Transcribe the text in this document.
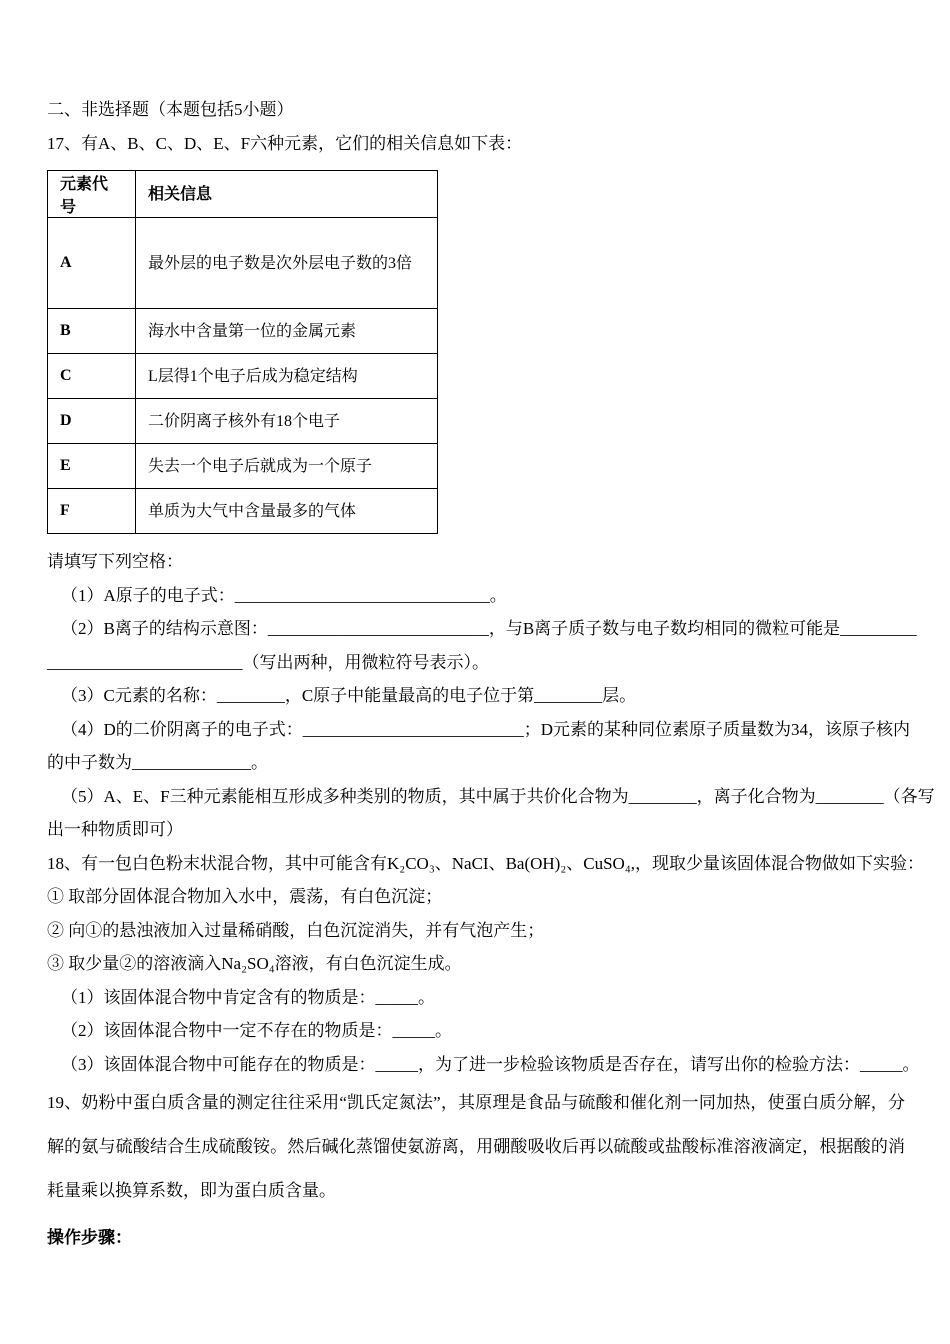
二、非选择题（本题包括5小题）
17、有A、B、C、D、E、F六种元素，它们的相关信息如下表：
元素代号	相关信息
A	最外层的电子数是次外层电子数的3倍
B	海水中含量第一位的金属元素
C	L层得1个电子后成为稳定结构
D	二价阴离子核外有18个电子
E	失去一个电子后就成为一个原子
F	单质为大气中含量最多的气体
请填写下列空格：
（1）A原子的电子式：______________________________。
（2）B离子的结构示意图：__________________________，与B离子质子数与电子数均相同的微粒可能是_________
_______________________（写出两种，用微粒符号表示）。
（3）C元素的名称：________，C原子中能量最高的电子位于第________层。
（4）D的二价阴离子的电子式：__________________________；D元素的某种同位素原子质量数为34，该原子核内
的中子数为______________。
（5）A、E、F三种元素能相互形成多种类别的物质，其中属于共价化合物为________，离子化合物为________（各写
出一种物质即可）
18、有一包白色粉末状混合物，其中可能含有K₂CO₃、NaCI、Ba(OH)₂、CuSO₄,，现取少量该固体混合物做如下实验：
① 取部分固体混合物加入水中，震荡，有白色沉淀；
② 向①的悬浊液加入过量稀硝酸，白色沉淀消失，并有气泡产生；
③ 取少量②的溶液滴入Na₂SO₄溶液，有白色沉淀生成。
（1）该固体混合物中肯定含有的物质是：_____。
（2）该固体混合物中一定不存在的物质是：_____。
（3）该固体混合物中可能存在的物质是：_____，为了进一步检验该物质是否存在，请写出你的检验方法：_____。
19、奶粉中蛋白质含量的测定往往采用“凯氏定氮法”，其原理是食品与硫酸和催化剂一同加热，使蛋白质分解，分解的氨与硫酸结合生成硫酸铵。然后碱化蒸馏使氨游离，用硼酸吸收后再以硫酸或盐酸标准溶液滴定，根据酸的消耗量乘以换算系数，即为蛋白质含量。
操作步骤：
